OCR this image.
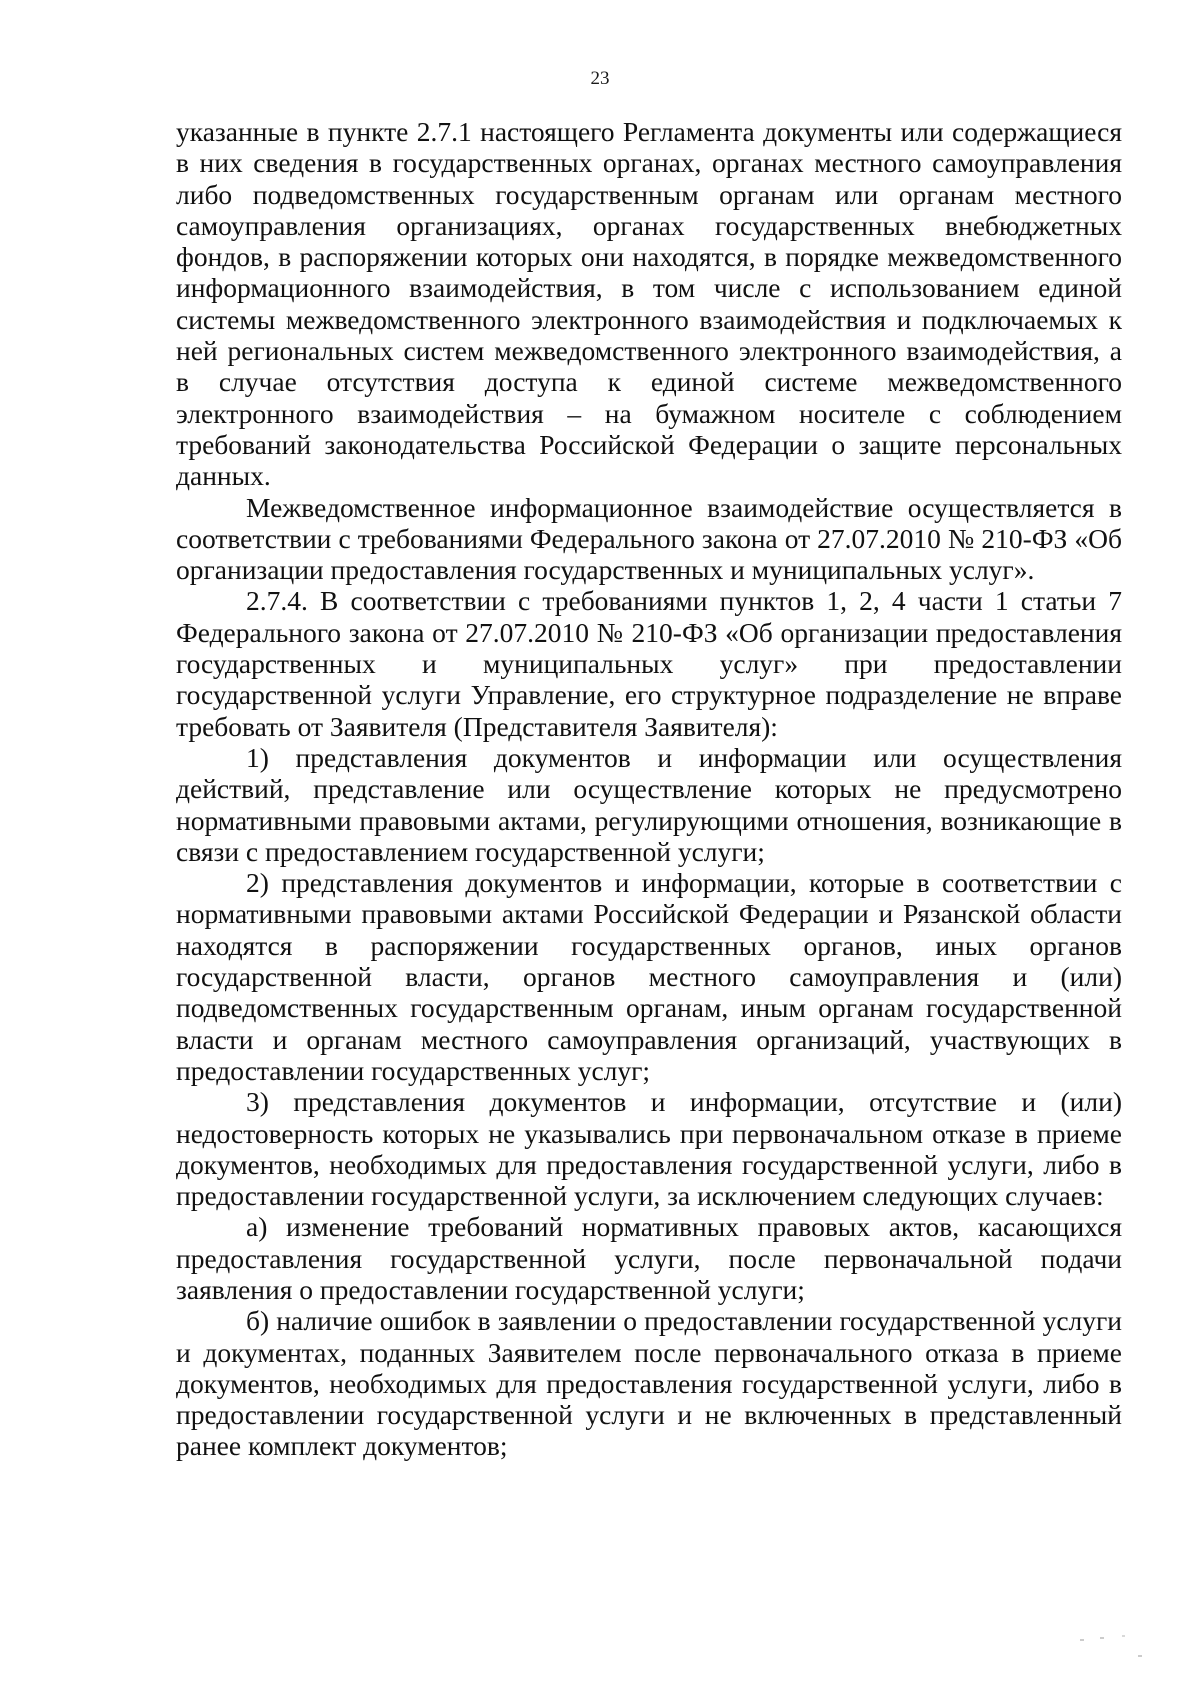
23

указанные в пункте 2.7.1 настоящего Регламента документы или содержащиеся в них сведения в государственных органах, органах местного самоуправления либо подведомственных государственным органам или органам местного самоуправления организациях, органах государственных внебюджетных фондов, в распоряжении которых они находятся, в порядке межведомственного информационного взаимодействия, в том числе с использованием единой системы межведомственного электронного взаимодействия и подключаемых к ней региональных систем межведомственного электронного взаимодействия, а в случае отсутствия доступа к единой системе межведомственного электронного взаимодействия – на бумажном носителе с соблюдением требований законодательства Российской Федерации о защите персональных данных.

Межведомственное информационное взаимодействие осуществляется в соответствии с требованиями Федерального закона от 27.07.2010 № 210-ФЗ «Об организации предоставления государственных и муниципальных услуг».

2.7.4. В соответствии с требованиями пунктов 1, 2, 4 части 1 статьи 7 Федерального закона от 27.07.2010 № 210-ФЗ «Об организации предоставления государственных и муниципальных услуг» при предоставлении государственной услуги Управление, его структурное подразделение не вправе требовать от Заявителя (Представителя Заявителя):

1) представления документов и информации или осуществления действий, представление или осуществление которых не предусмотрено нормативными правовыми актами, регулирующими отношения, возникающие в связи с предоставлением государственной услуги;

2) представления документов и информации, которые в соответствии с нормативными правовыми актами Российской Федерации и Рязанской области находятся в распоряжении государственных органов, иных органов государственной власти, органов местного самоуправления и (или) подведомственных государственным органам, иным органам государственной власти и органам местного самоуправления организаций, участвующих в предоставлении государственных услуг;

3) представления документов и информации, отсутствие и (или) недостоверность которых не указывались при первоначальном отказе в приеме документов, необходимых для предоставления государственной услуги, либо в предоставлении государственной услуги, за исключением следующих случаев:

а) изменение требований нормативных правовых актов, касающихся предоставления государственной услуги, после первоначальной подачи заявления о предоставлении государственной услуги;

б) наличие ошибок в заявлении о предоставлении государственной услуги и документах, поданных Заявителем после первоначального отказа в приеме документов, необходимых для предоставления государственной услуги, либо в предоставлении государственной услуги и не включенных в представленный ранее комплект документов;
